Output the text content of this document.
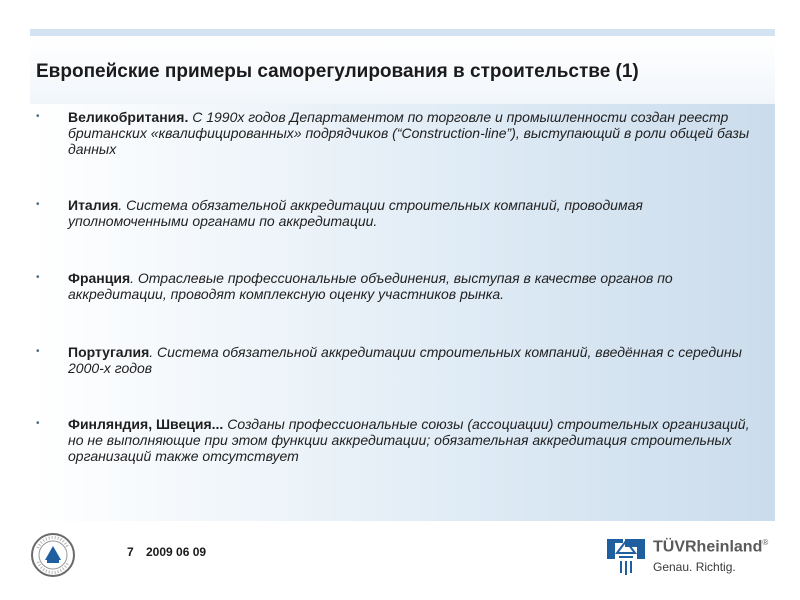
Европейские примеры саморегулирования в строительстве (1)
• Великобритания. С 1990х годов Департаментом по торговле и промышленности создан реестр британских «квалифицированных» подрядчиков (“Construction-line”), выступающий в роли общей базы данных
• Италия. Система обязательной аккредитации строительных компаний, проводимая уполномоченными органами по аккредитации.
• Франция. Отраслевые профессиональные объединения, выступая в качестве органов по аккредитации, проводят комплексную оценку участников рынка.
• Португалия. Система обязательной аккредитации строительных компаний, введённая с середины 2000-х годов
• Финляндия, Швеция... Созданы профессиональные союзы (ассоциации) строительных организаций, но не выполняющие при этом функции аккредитации; обязательная аккредитация строительных организаций также отсутствует
7 2009 06 09	TÜVRheinland®
Genau. Richtig.
